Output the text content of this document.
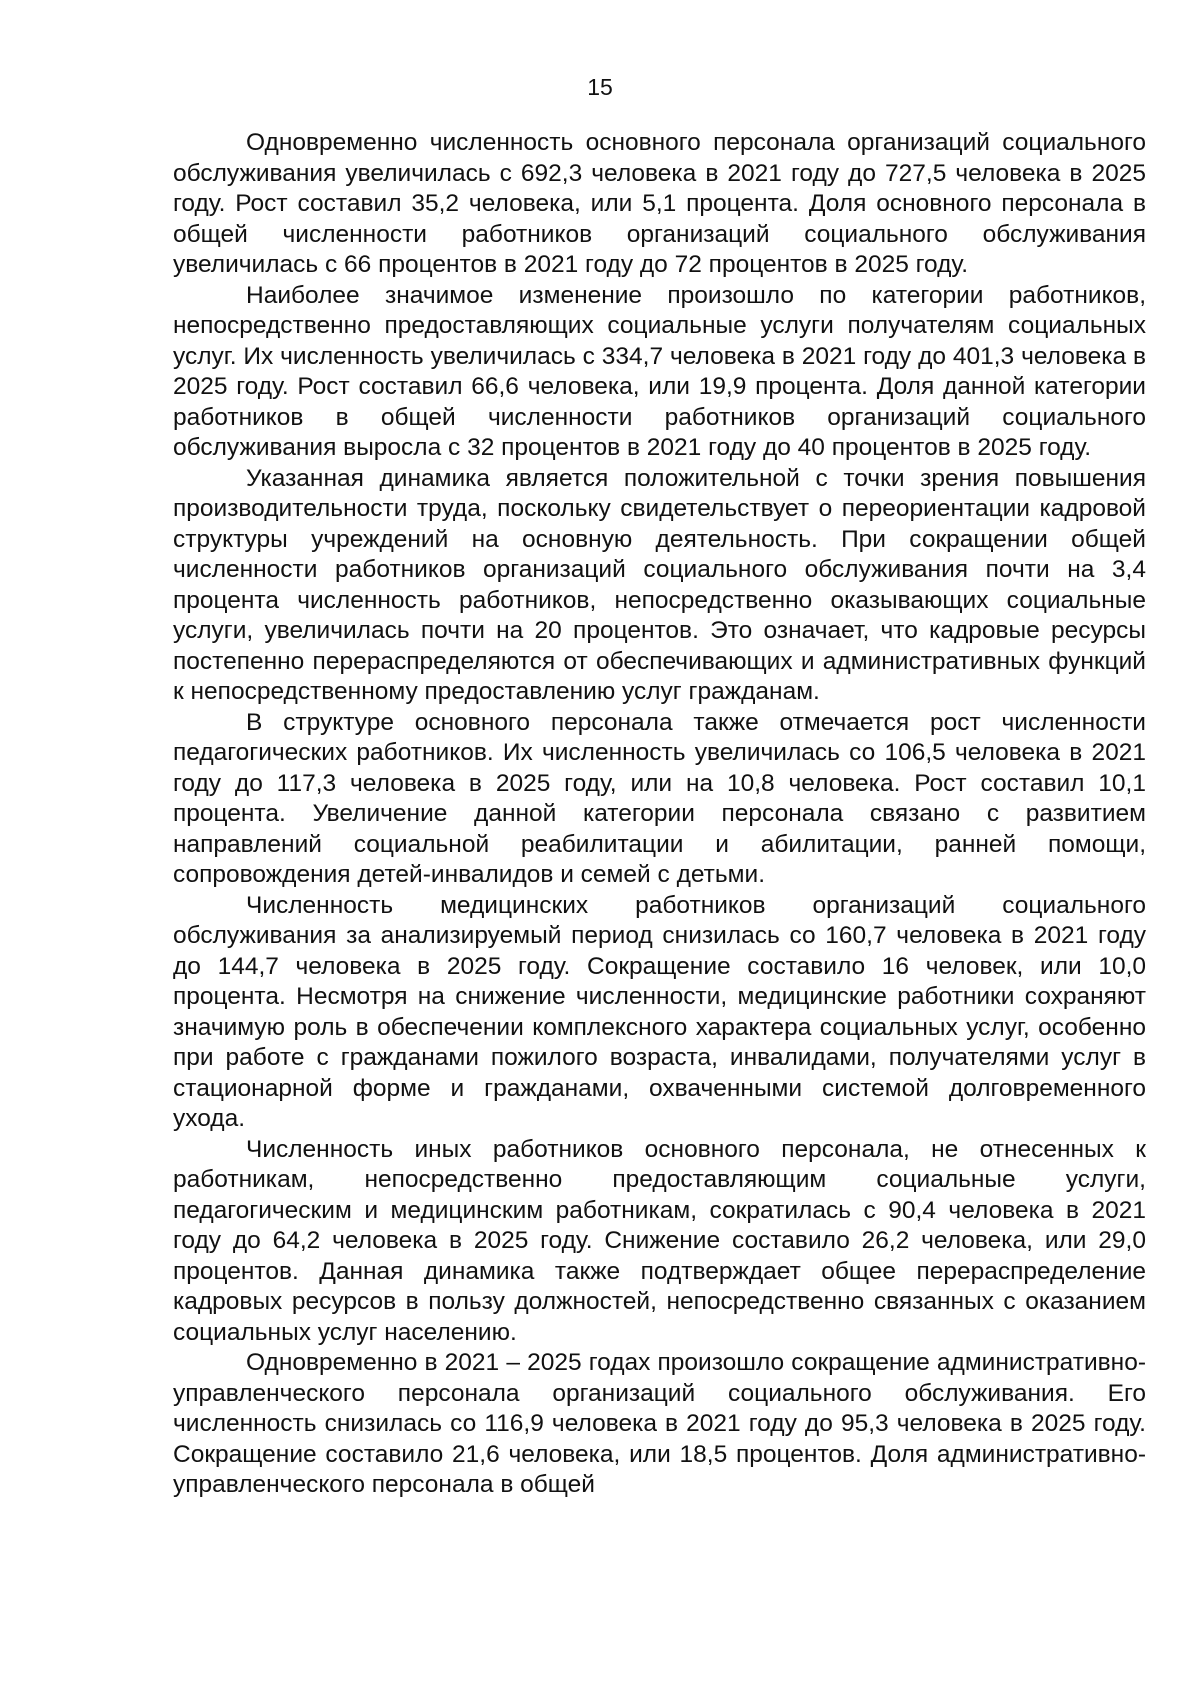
15

Одновременно численность основного персонала организаций социального обслуживания увеличилась с 692,3 человека в 2021 году до 727,5 человека в 2025 году. Рост составил 35,2 человека, или 5,1 процента. Доля основного персонала в общей численности работников организаций социального обслуживания увеличилась с 66 процентов в 2021 году до 72 процентов в 2025 году.

Наиболее значимое изменение произошло по категории работников, непосредственно предоставляющих социальные услуги получателям социальных услуг. Их численность увеличилась с 334,7 человека в 2021 году до 401,3 человека в 2025 году. Рост составил 66,6 человека, или 19,9 процента. Доля данной категории работников в общей численности работников организаций социального обслуживания выросла с 32 процентов в 2021 году до 40 процентов в 2025 году.

Указанная динамика является положительной с точки зрения повышения производительности труда, поскольку свидетельствует о переориентации кадровой структуры учреждений на основную деятельность. При сокращении общей численности работников организаций социального обслуживания почти на 3,4 процента численность работников, непосредственно оказывающих социальные услуги, увеличилась почти на 20 процентов. Это означает, что кадровые ресурсы постепенно перераспределяются от обеспечивающих и административных функций к непосредственному предоставлению услуг гражданам.

В структуре основного персонала также отмечается рост численности педагогических работников. Их численность увеличилась со 106,5 человека в 2021 году до 117,3 человека в 2025 году, или на 10,8 человека. Рост составил 10,1 процента. Увеличение данной категории персонала связано с развитием направлений социальной реабилитации и абилитации, ранней помощи, сопровождения детей-инвалидов и семей с детьми.

Численность медицинских работников организаций социального обслуживания за анализируемый период снизилась со 160,7 человека в 2021 году до 144,7 человека в 2025 году. Сокращение составило 16 человек, или 10,0 процента. Несмотря на снижение численности, медицинские работники сохраняют значимую роль в обеспечении комплексного характера социальных услуг, особенно при работе с гражданами пожилого возраста, инвалидами, получателями услуг в стационарной форме и гражданами, охваченными системой долговременного ухода.

Численность иных работников основного персонала, не отнесенных к работникам, непосредственно предоставляющим социальные услуги, педагогическим и медицинским работникам, сократилась с 90,4 человека в 2021 году до 64,2 человека в 2025 году. Снижение составило 26,2 человека, или 29,0 процентов. Данная динамика также подтверждает общее перераспределение кадровых ресурсов в пользу должностей, непосредственно связанных с оказанием социальных услуг населению.

Одновременно в 2021 – 2025 годах произошло сокращение административно-управленческого персонала организаций социального обслуживания. Его численность снизилась со 116,9 человека в 2021 году до 95,3 человека в 2025 году. Сокращение составило 21,6 человека, или 18,5 процентов. Доля административно-управленческого персонала в общей
